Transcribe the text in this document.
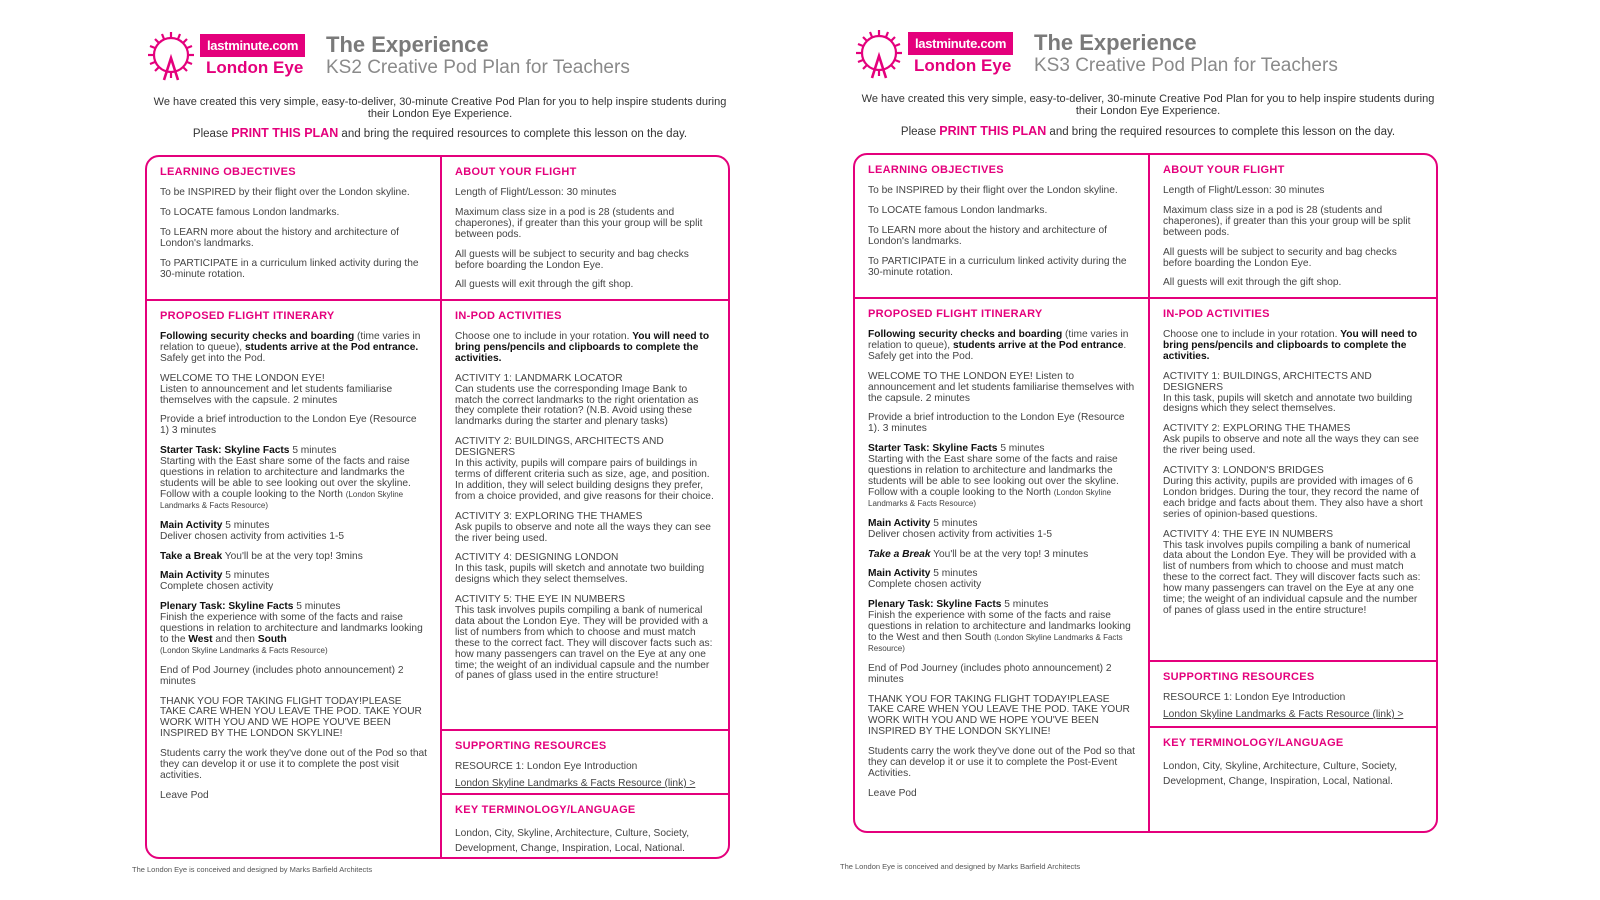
lastminute.com
London Eye
The Experience
KS2 Creative Pod Plan for Teachers
We have created this very simple, easy-to-deliver, 30-minute Creative Pod Plan for you to help inspire students during their London Eye Experience.
Please PRINT THIS PLAN and bring the required resources to complete this lesson on the day.
LEARNING OBJECTIVES

To be INSPIRED by their flight over the London skyline.

To LOCATE famous London landmarks.

To LEARN more about the history and architecture of London's landmarks.

To PARTICIPATE in a curriculum linked activity during the 30-minute rotation.

PROPOSED FLIGHT ITINERARY

Following security checks and boarding (time varies in relation to queue), students arrive at the Pod entrance. Safely get into the Pod.

WELCOME TO THE LONDON EYE!
Listen to announcement and let students familiarise themselves with the capsule. 2 minutes

Provide a brief introduction to the London Eye (Resource 1) 3 minutes

Starter Task: Skyline Facts 5 minutes
Starting with the East share some of the facts and raise questions in relation to architecture and landmarks the students will be able to see looking out over the skyline. Follow with a couple looking to the North (London Skyline Landmarks & Facts Resource)

Main Activity 5 minutes
Deliver chosen activity from activities 1-5

Take a Break You'll be at the very top! 3mins

Main Activity 5 minutes
Complete chosen activity

Plenary Task: Skyline Facts 5 minutes
Finish the experience with some of the facts and raise questions in relation to architecture and landmarks looking to the West and then South
(London Skyline Landmarks & Facts Resource)

End of Pod Journey (includes photo announcement) 2 minutes

THANK YOU FOR TAKING FLIGHT TODAY!PLEASE TAKE CARE WHEN YOU LEAVE THE POD. TAKE YOUR WORK WITH YOU AND WE HOPE YOU'VE BEEN INSPIRED BY THE LONDON SKYLINE!

Students carry the work they've done out of the Pod so that they can develop it or use it to complete the post visit activities.

Leave Pod

ABOUT YOUR FLIGHT

Length of Flight/Lesson: 30 minutes

Maximum class size in a pod is 28 (students and chaperones), if greater than this your group will be split between pods.

All guests will be subject to security and bag checks before boarding the London Eye.

All guests will exit through the gift shop.

IN-POD ACTIVITIES

Choose one to include in your rotation. You will need to bring pens/pencils and clipboards to complete the activities.

ACTIVITY 1: LANDMARK LOCATOR
Can students use the corresponding Image Bank to match the correct landmarks to the right orientation as they complete their rotation? (N.B. Avoid using these landmarks during the starter and plenary tasks)

ACTIVITY 2: BUILDINGS, ARCHITECTS AND DESIGNERS
In this activity, pupils will compare pairs of buildings in terms of different criteria such as size, age, and position. In addition, they will select building designs they prefer, from a choice provided, and give reasons for their choice.

ACTIVITY 3: EXPLORING THE THAMES
Ask pupils to observe and note all the ways they can see the river being used.

ACTIVITY 4: DESIGNING LONDON
In this task, pupils will sketch and annotate two building designs which they select themselves.

ACTIVITY 5: THE EYE IN NUMBERS
This task involves pupils compiling a bank of numerical data about the London Eye. They will be provided with a list of numbers from which to choose and must match these to the correct fact. They will discover facts such as: how many passengers can travel on the Eye at any one time; the weight of an individual capsule and the number of panes of glass used in the entire structure!

SUPPORTING RESOURCES

RESOURCE 1: London Eye Introduction

London Skyline Landmarks & Facts Resource (link) >

KEY TERMINOLOGY/LANGUAGE

London, City, Skyline, Architecture, Culture, Society, Development, Change, Inspiration, Local, National.

The London Eye is conceived and designed by Marks Barfield Architects
lastminute.com
London Eye
The Experience
KS3 Creative Pod Plan for Teachers
We have created this very simple, easy-to-deliver, 30-minute Creative Pod Plan for you to help inspire students during their London Eye Experience.
Please PRINT THIS PLAN and bring the required resources to complete this lesson on the day.
LEARNING OBJECTIVES

To be INSPIRED by their flight over the London skyline.

To LOCATE famous London landmarks.

To LEARN more about the history and architecture of London's landmarks.

To PARTICIPATE in a curriculum linked activity during the 30-minute rotation.

PROPOSED FLIGHT ITINERARY

Following security checks and boarding (time varies in relation to queue), students arrive at the Pod entrance. Safely get into the Pod.

WELCOME TO THE LONDON EYE! Listen to announcement and let students familiarise themselves with the capsule. 2 minutes

Provide a brief introduction to the London Eye (Resource 1). 3 minutes

Starter Task: Skyline Facts 5 minutes
Starting with the East share some of the facts and raise questions in relation to architecture and landmarks the students will be able to see looking out over the skyline. Follow with a couple looking to the North (London Skyline Landmarks & Facts Resource)

Main Activity 5 minutes
Deliver chosen activity from activities 1-5

Take a Break You'll be at the very top! 3 minutes

Main Activity 5 minutes
Complete chosen activity

Plenary Task: Skyline Facts 5 minutes
Finish the experience with some of the facts and raise questions in relation to architecture and landmarks looking to the West and then South (London Skyline Landmarks & Facts Resource)

End of Pod Journey (includes photo announcement) 2 minutes

THANK YOU FOR TAKING FLIGHT TODAY!PLEASE TAKE CARE WHEN YOU LEAVE THE POD. TAKE YOUR WORK WITH YOU AND WE HOPE YOU'VE BEEN INSPIRED BY THE LONDON SKYLINE!

Students carry the work they've done out of the Pod so that they can develop it or use it to complete the Post-Event Activities.

Leave Pod

ABOUT YOUR FLIGHT

Length of Flight/Lesson: 30 minutes

Maximum class size in a pod is 28 (students and chaperones), if greater than this your group will be split between pods.

All guests will be subject to security and bag checks before boarding the London Eye.

All guests will exit through the gift shop.

IN-POD ACTIVITIES

Choose one to include in your rotation. You will need to bring pens/pencils and clipboards to complete the activities.

ACTIVITY 1: BUILDINGS, ARCHITECTS AND DESIGNERS
In this task, pupils will sketch and annotate two building designs which they select themselves.

ACTIVITY 2: EXPLORING THE THAMES
Ask pupils to observe and note all the ways they can see the river being used.

ACTIVITY 3: LONDON'S BRIDGES
During this activity, pupils are provided with images of 6 London bridges. During the tour, they record the name of each bridge and facts about them. They also have a short series of opinion-based questions.

ACTIVITY 4: THE EYE IN NUMBERS
This task involves pupils compiling a bank of numerical data about the London Eye. They will be provided with a list of numbers from which to choose and must match these to the correct fact. They will discover facts such as: how many passengers can travel on the Eye at any one time; the weight of an individual capsule and the number of panes of glass used in the entire structure!

SUPPORTING RESOURCES

RESOURCE 1: London Eye Introduction

London Skyline Landmarks & Facts Resource (link) >

KEY TERMINOLOGY/LANGUAGE

London, City, Skyline, Architecture, Culture, Society, Development, Change, Inspiration, Local, National.

The London Eye is conceived and designed by Marks Barfield Architects
